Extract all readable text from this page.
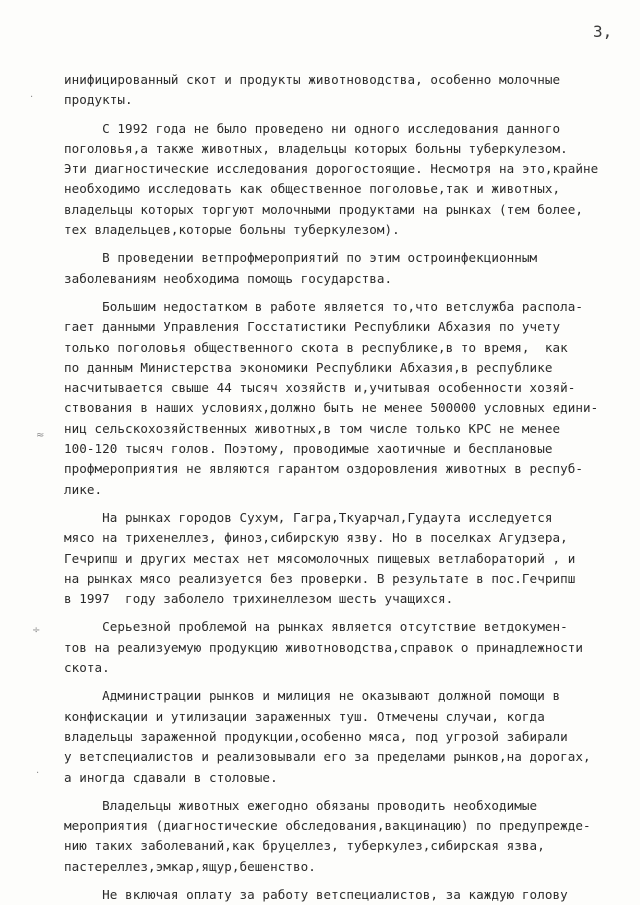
3,
·
≈
÷
·
инифицированный скот и продукты животноводства, особенно молочные
продукты.
С 1992 года не было проведено ни одного исследования данного
поголовья,а также животных, владельцы которых больны туберкулезом.
Эти диагностические исследования дорогостоящие. Несмотря на это,крайне
необходимо исследовать как общественное поголовье,так и животных,
владельцы которых торгуют молочными продуктами на рынках (тем более,
тех владельцев,которые больны туберкулезом).
В проведении ветпрофмероприятий по этим остроинфекционным
заболеваниям необходима помощь государства.
Большим недостатком в работе является то,что ветслужба распола-
гает данными Управления Госстатистики Республики Абхазия по учету
только поголовья общественного скота в республике,в то время,  как
по данным Министерства экономики Республики Абхазия,в республике
насчитывается свыше 44 тысяч хозяйств и,учитывая особенности хозяй-
ствования в наших условиях,должно быть не менее 500000 условных едини-
ниц сельскохозяйственных животных,в том числе только КРС не менее
100-120 тысяч голов. Поэтому, проводимые хаотичные и бесплановые
профмероприятия не являются гарантом оздоровления животных в респуб-
лике.
На рынках городов Сухум, Гагра,Ткуарчал,Гудаута исследуется
мясо на трихенеллез, финоз,сибирскую язву. Но в поселках Агудзера,
Гечрипш и других местах нет мясомолочных пищевых ветлабораторий , и
на рынках мясо реализуется без проверки. В результате в пос.Гечрипш
в 1997  году заболело трихинеллезом шесть учащихся.
Серьезной проблемой на рынках является отсутствие ветдокумен-
тов на реализуемую продукцию животноводства,справок о принадлежности
скота.
Администрации рынков и милиция не оказывают должной помощи в
конфискации и утилизации зараженных туш. Отмечены случаи, когда
владельцы зараженной продукции,особенно мяса, под угрозой забирали
у ветспециалистов и реализовывали его за пределами рынков,на дорогах,
а иногда сдавали в столовые.
Владельцы животных ежегодно обязаны проводить необходимые
мероприятия (диагностические обследования,вакцинацию) по предупрежде-
нию таких заболеваний,как бруцеллез, туберкулез,сибирская язва,
пастереллез,эмкар,ящур,бешенство.
Не включая оплату за работу ветспециалистов, за каждую голову
